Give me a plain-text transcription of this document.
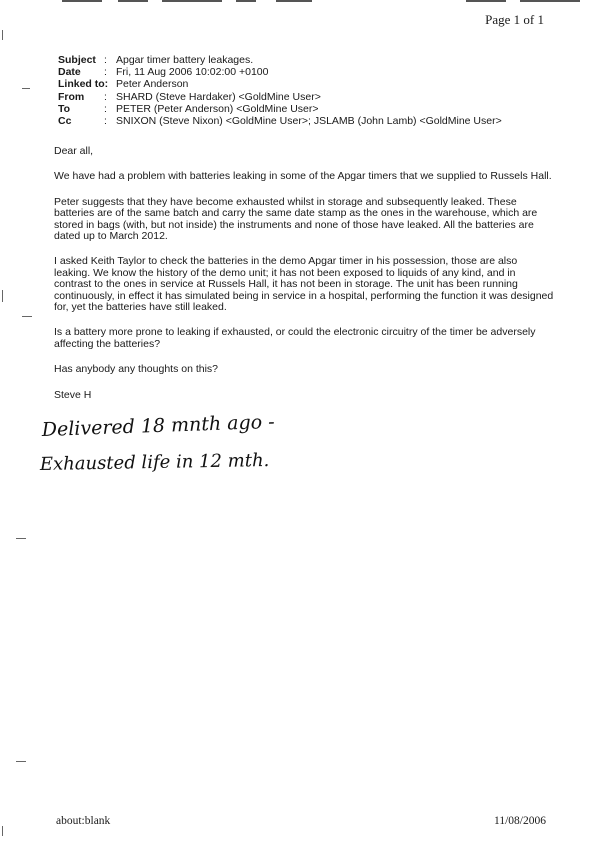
Page 1 of 1
Subject : Apgar timer battery leakages.
Date	: Fri, 11 Aug 2006 10:02:00 +0100
Linked to: Peter Anderson
From	: SHARD (Steve Hardaker) <GoldMine User>
To	: PETER (Peter Anderson) <GoldMine User>
Cc	: SNIXON (Steve Nixon) <GoldMine User>; JSLAMB (John Lamb) <GoldMine User>

Dear all,

We have had a problem with batteries leaking in some of the Apgar timers that we supplied to Russels Hall.

Peter suggests that they have become exhausted whilst in storage and subsequently leaked. These batteries are of the same batch and carry the same date stamp as the ones in the warehouse, which are stored in bags (with, but not inside) the instruments and none of those have leaked. All the batteries are dated up to March 2012.

I asked Keith Taylor to check the batteries in the demo Apgar timer in his possession, those are also leaking. We know the history of the demo unit; it has not been exposed to liquids of any kind, and in contrast to the ones in service at Russels Hall, it has not been in storage. The unit has been running continuously, in effect it has simulated being in service in a hospital, performing the function it was designed for, yet the batteries have still leaked.

Is a battery more prone to leaking if exhausted, or could the electronic circuitry of the timer be adversely affecting the batteries?

Has anybody any thoughts on this?

Steve H

Delivered 18 mnth ago -
Exhausted life in 12 mth.
about:blank	11/08/2006
